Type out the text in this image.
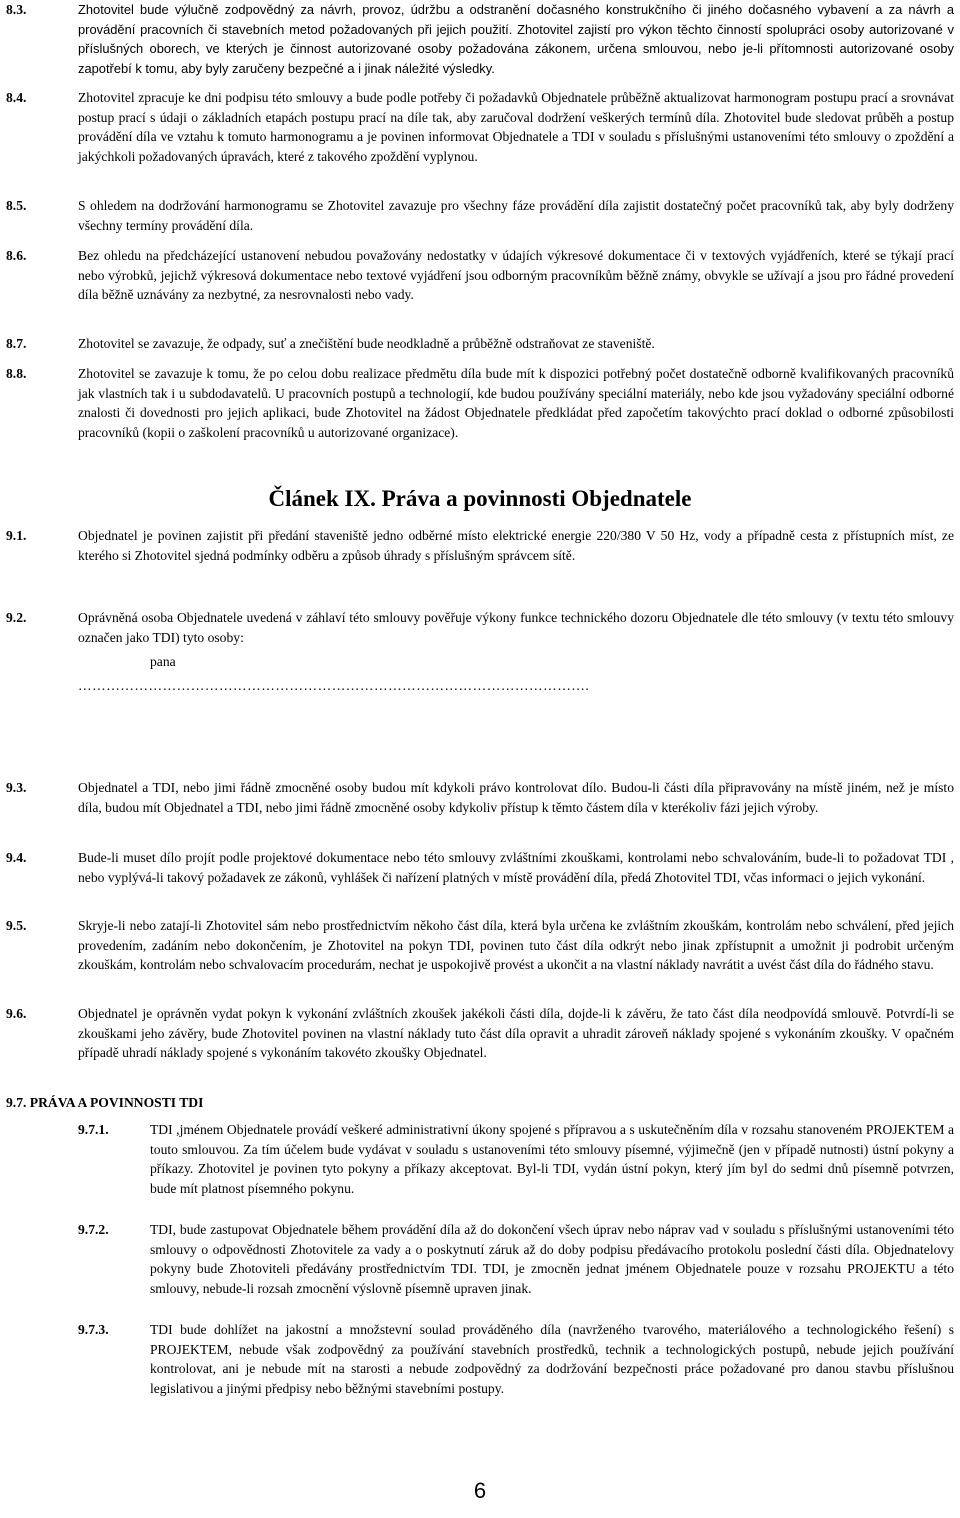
8.3.	Zhotovitel bude výlučně zodpovědný za návrh, provoz, údržbu a odstranění dočasného konstrukčního či jiného dočasného vybavení a za návrh a provádění pracovních či stavebních metod požadovaných při jejich použití. Zhotovitel zajistí pro výkon těchto činností spolupráci osoby autorizované v příslušných oborech, ve kterých je činnost autorizované osoby požadována zákonem, určena smlouvou, nebo je-li přítomnosti autorizované osoby zapotřebí k tomu, aby byly zaručeny bezpečné a i jinak náležité výsledky.
8.4.	Zhotovitel zpracuje ke dni podpisu této smlouvy a bude podle potřeby či požadavků Objednatele průběžně aktualizovat harmonogram postupu prací a srovnávat postup prací s údaji o základních etapách postupu prací na díle tak, aby zaručoval dodržení veškerých termínů díla. Zhotovitel bude sledovat průběh a postup provádění díla ve vztahu k tomuto harmonogramu a je povinen informovat Objednatele a TDI v souladu s příslušnými ustanoveními této smlouvy o zpoždění a jakýchkoli požadovaných úpravách, které z takového zpoždění vyplynou.
8.5.	S ohledem na dodržování harmonogramu se Zhotovitel zavazuje pro všechny fáze provádění díla zajistit dostatečný počet pracovníků tak, aby byly dodrženy všechny termíny provádění díla.
8.6.	Bez ohledu na předcházející ustanovení nebudou považovány nedostatky v údajích výkresové dokumentace či v textových vyjádřeních, které se týkají prací nebo výrobků, jejichž výkresová dokumentace nebo textové vyjádření jsou odborným pracovníkům běžně známy, obvykle se užívají a jsou pro řádné provedení díla běžně uznávány za nezbytné, za nesrovnalosti nebo vady.
8.7.	Zhotovitel se zavazuje, že odpady, suť a znečištění bude neodkladně a průběžně odstraňovat ze staveniště.
8.8.	Zhotovitel se zavazuje k tomu, že po celou dobu realizace předmětu díla bude mít k dispozici potřebný počet dostatečně odborně kvalifikovaných pracovníků jak vlastních tak i u subdodavatelů. U pracovních postupů a technologií, kde budou používány speciální materiály, nebo kde jsou vyžadovány speciální odborné znalosti či dovednosti pro jejich aplikaci, bude Zhotovitel na žádost Objednatele předkládat před započetím takovýchto prací doklad o odborné způsobilosti pracovníků (kopii o zaškolení pracovníků u autorizované organizace).
Článek IX. Práva a povinnosti Objednatele
9.1.	Objednatel je povinen zajistit při předání staveniště jedno odběrné místo elektrické energie 220/380 V 50 Hz, vody a případně cesta z přístupních míst, ze kterého si Zhotovitel sjedná podmínky odběru a způsob úhrady s příslušným správcem sítě.
9.2.	Oprávněná osoba Objednatele uvedená v záhlaví této smlouvy pověřuje výkony funkce technického dozoru Objednatele dle této smlouvy (v textu této smlouvy označen jako TDI) tyto osoby:
pana
……………………………………………………………………………………………….
9.3.	Objednatel a TDI, nebo jimi řádně zmocněné osoby budou mít kdykoli právo kontrolovat dílo. Budou-li části díla připravovány na místě jiném, než je místo díla, budou mít Objednatel a TDI, nebo jimi řádně zmocněné osoby kdykoliv přístup k těmto částem díla v kterékoliv fázi jejich výroby.
9.4.	Bude-li muset dílo projít podle projektové dokumentace nebo této smlouvy zvláštními zkouškami, kontrolami nebo schvalováním, bude-li to požadovat TDI , nebo vyplývá-li takový požadavek ze zákonů, vyhlášek či nařízení platných v místě provádění díla, předá Zhotovitel TDI, včas informaci o jejich vykonání.
9.5.	Skryje-li nebo zatají-li Zhotovitel sám nebo prostřednictvím někoho část díla, která byla určena ke zvláštním zkouškám, kontrolám nebo schválení, před jejich provedením, zadáním nebo dokončením, je Zhotovitel na pokyn TDI, povinen tuto část díla odkrýt nebo jinak zpřístupnit a umožnit ji podrobit určeným zkouškám, kontrolám nebo schvalovacím procedurám, nechat je uspokojivě provést a ukončit a na vlastní náklady navrátit a uvést část díla do řádného stavu.
9.6.	Objednatel je oprávněn vydat pokyn k vykonání zvláštních zkoušek jakékoli části díla, dojde-li k závěru, že tato část díla neodpovídá smlouvě. Potvrdí-li se zkouškami jeho závěry, bude Zhotovitel povinen na vlastní náklady tuto část díla opravit a uhradit zároveň náklady spojené s vykonáním zkoušky. V opačném případě uhradí náklady spojené s vykonáním takovéto zkoušky Objednatel.
9.7. PRÁVA A POVINNOSTI TDI
9.7.1.	TDI ,jménem Objednatele provádí veškeré administrativní úkony spojené s přípravou a s uskutečněním díla v rozsahu stanoveném PROJEKTEM a touto smlouvou. Za tím účelem bude vydávat v souladu s ustanoveními této smlouvy písemné, výjimečně (jen v případě nutnosti) ústní pokyny a příkazy. Zhotovitel je povinen tyto pokyny a příkazy akceptovat. Byl-li TDI, vydán ústní pokyn, který jím byl do sedmi dnů písemně potvrzen, bude mít platnost písemného pokynu.
9.7.2.	TDI, bude zastupovat Objednatele během provádění díla až do dokončení všech úprav nebo náprav vad v souladu s příslušnými ustanoveními této smlouvy o odpovědnosti Zhotovitele za vady a o poskytnutí záruk až do doby podpisu předávacího protokolu poslední části díla. Objednatelovy pokyny bude Zhotoviteli předávány prostřednictvím TDI. TDI, je zmocněn jednat jménem Objednatele pouze v rozsahu PROJEKTU a této smlouvy, nebude-li rozsah zmocnění výslovně písemně upraven jinak.
9.7.3.	TDI bude dohlížet na jakostní a množstevní soulad prováděného díla (navrženého tvarového, materiálového a technologického řešení) s PROJEKTEM, nebude však zodpovědný za používání stavebních prostředků, technik a technologických postupů, nebude jejich používání kontrolovat, ani je nebude mít na starosti a nebude zodpovědný za dodržování bezpečnosti práce požadované pro danou stavbu příslušnou legislativou a jinými předpisy nebo běžnými stavebními postupy.
6
